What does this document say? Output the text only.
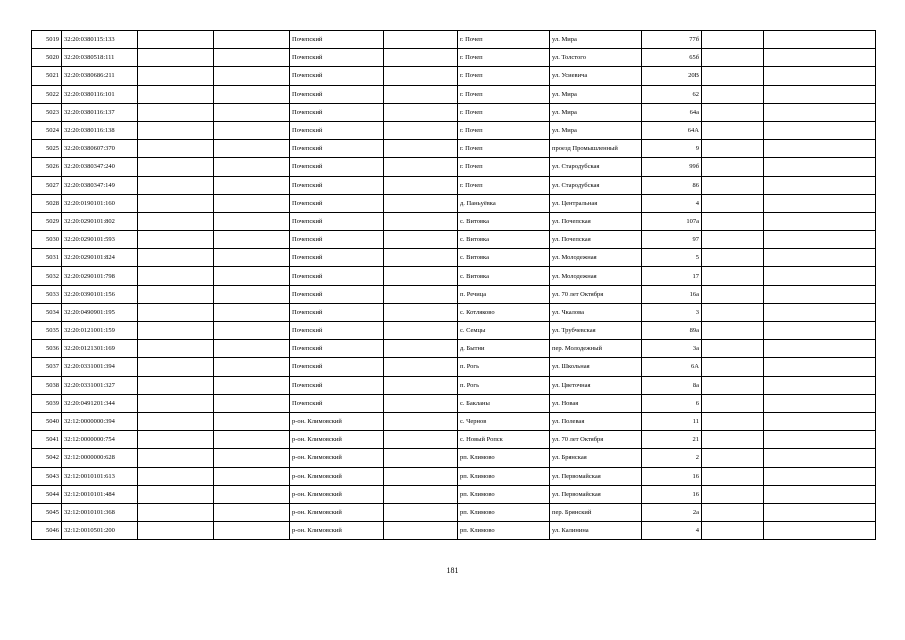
5019	32:20:0380115:133			Почепский		г. Почеп	ул. Мира	77б		
5020	32:20:0380518:111			Почепский		г. Почеп	ул. Толстого	65б		
5021	32:20:0380686:211			Почепский		г. Почеп	ул. Усиевича	20В		
5022	32:20:0380116:101			Почепский		г. Почеп	ул. Мира	62		
5023	32:20:0380116:137			Почепский		г. Почеп	ул. Мира	64а		
5024	32:20:0380116:138			Почепский		г. Почеп	ул. Мира	64А		
5025	32:20:0380607:370			Почепский		г. Почеп	проезд Промышленный	9		
5026	32:20:0380347:240			Почепский		г. Почеп	ул. Стародубская	99б		
5027	32:20:0380347:149			Почепский		г. Почеп	ул. Стародубская	86		
5028	32:20:0190101:160			Почепский		д. Паньуёвка	ул. Центральная	4		
5029	32:20:0290101:802			Почепский		с. Витовка	ул. Почепская	107а		
5030	32:20:0290101:593			Почепский		с. Витовка	ул. Почепская	97		
5031	32:20:0290101:824			Почепский		с. Витовка	ул. Молодежная	5		
5032	32:20:0290101:798			Почепский		с. Витовка	ул. Молодежная	17		
5033	32:20:0390101:156			Почепский		п. Речица	ул. 70 лет Октября	16а		
5034	32:20:0490901:195			Почепский		с. Котляково	ул. Чкалова	3		
5035	32:20:0121001:159			Почепский		с. Семцы	ул. Трубчевская	89а		
5036	32:20:0121301:169			Почепский		д. Бытни	пер. Молодежный	3а		
5037	32:20:0331001:394			Почепский		п. Рогь	ул. Школьная	6А		
5038	32:20:0331001:327			Почепский		п. Рогь	ул. Цветочная	8а		
5039	32:20:0491201:344			Почепский		с. Бакланы	ул. Новая	6		
5040	32:12:0000000:394			р-он. Климовский		с. Чернов	ул. Полевая	11		
5041	32:12:0000000:754			р-он. Климовский		с. Новый Ропск	ул. 70 лет Октября	21		
5042	32:12:0000000:628			р-он. Климовский		рп. Климово	ул. Брянская	2		
5043	32:12:0010101:613			р-он. Климовский		рп. Климово	ул. Первомайская	16		
5044	32:12:0010101:484			р-он. Климовский		рп. Климово	ул. Первомайская	16		
5045	32:12:0010101:368			р-он. Климовский		рп. Климово	пер. Брянский	2а		
5046	32:12:0010501:200			р-он. Климовский		рп. Климово	ул. Калинина	4		
181
